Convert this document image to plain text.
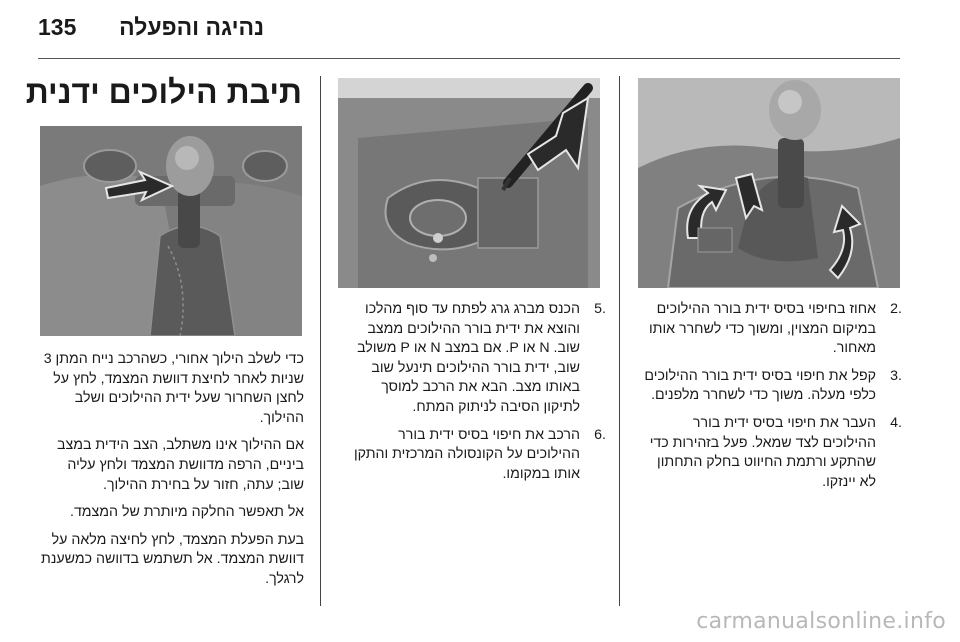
135 נהיגה והפעלה
תיבת הילוכים ידנית

כדי לשלב הילוך אחורי, כשהרכב נייח המתן 3 שניות לאחר לחיצת דוושת המצמד, לחץ על לחצן השחרור שעל ידית ההילוכים ושלב ההילוך.

אם ההילוך אינו משתלב, הצב הידית במצב ביניים, הרפה מדוושת המצמד ולחץ עליה שוב; עתה, חזור על בחירת ההילוך.

אל תאפשר החלקה מיותרת של המצמד.

בעת הפעלת המצמד, לחץ לחיצה מלאה על דוושת המצמד. אל תשתמש בדוושה כמשענת לרגלך.

.5
הכנס מברג גרג לפתח עד סוף מהלכו והוצא את ידית בורר ההילוכים ממצב שוב. N או P. אם במצב N או P משולב שוב, ידית בורר ההילוכים תינעל שוב באותו מצב. הבא את הרכב למוסך לתיקון הסיבה לניתוק המתח.
.6
הרכב את חיפוי בסיס ידית בורר ההילוכים על הקונסולה המרכזית והתקן אותו במקומו.
.2
אחוז בחיפוי בסיס ידית בורר ההילוכים במיקום המצוין, ומשוך כדי לשחרר אותו מאחור.
.3
קפל את חיפוי בסיס ידית בורר ההילוכים כלפי מעלה. משוך כדי לשחרר מלפנים.
.4
העבר את חיפוי בסיס ידית בורר ההילוכים לצד שמאל. פעל בזהירות כדי שהתקע ורתמת החיווט בחלק התחתון לא יינזקו.
carmanualsonline.info
